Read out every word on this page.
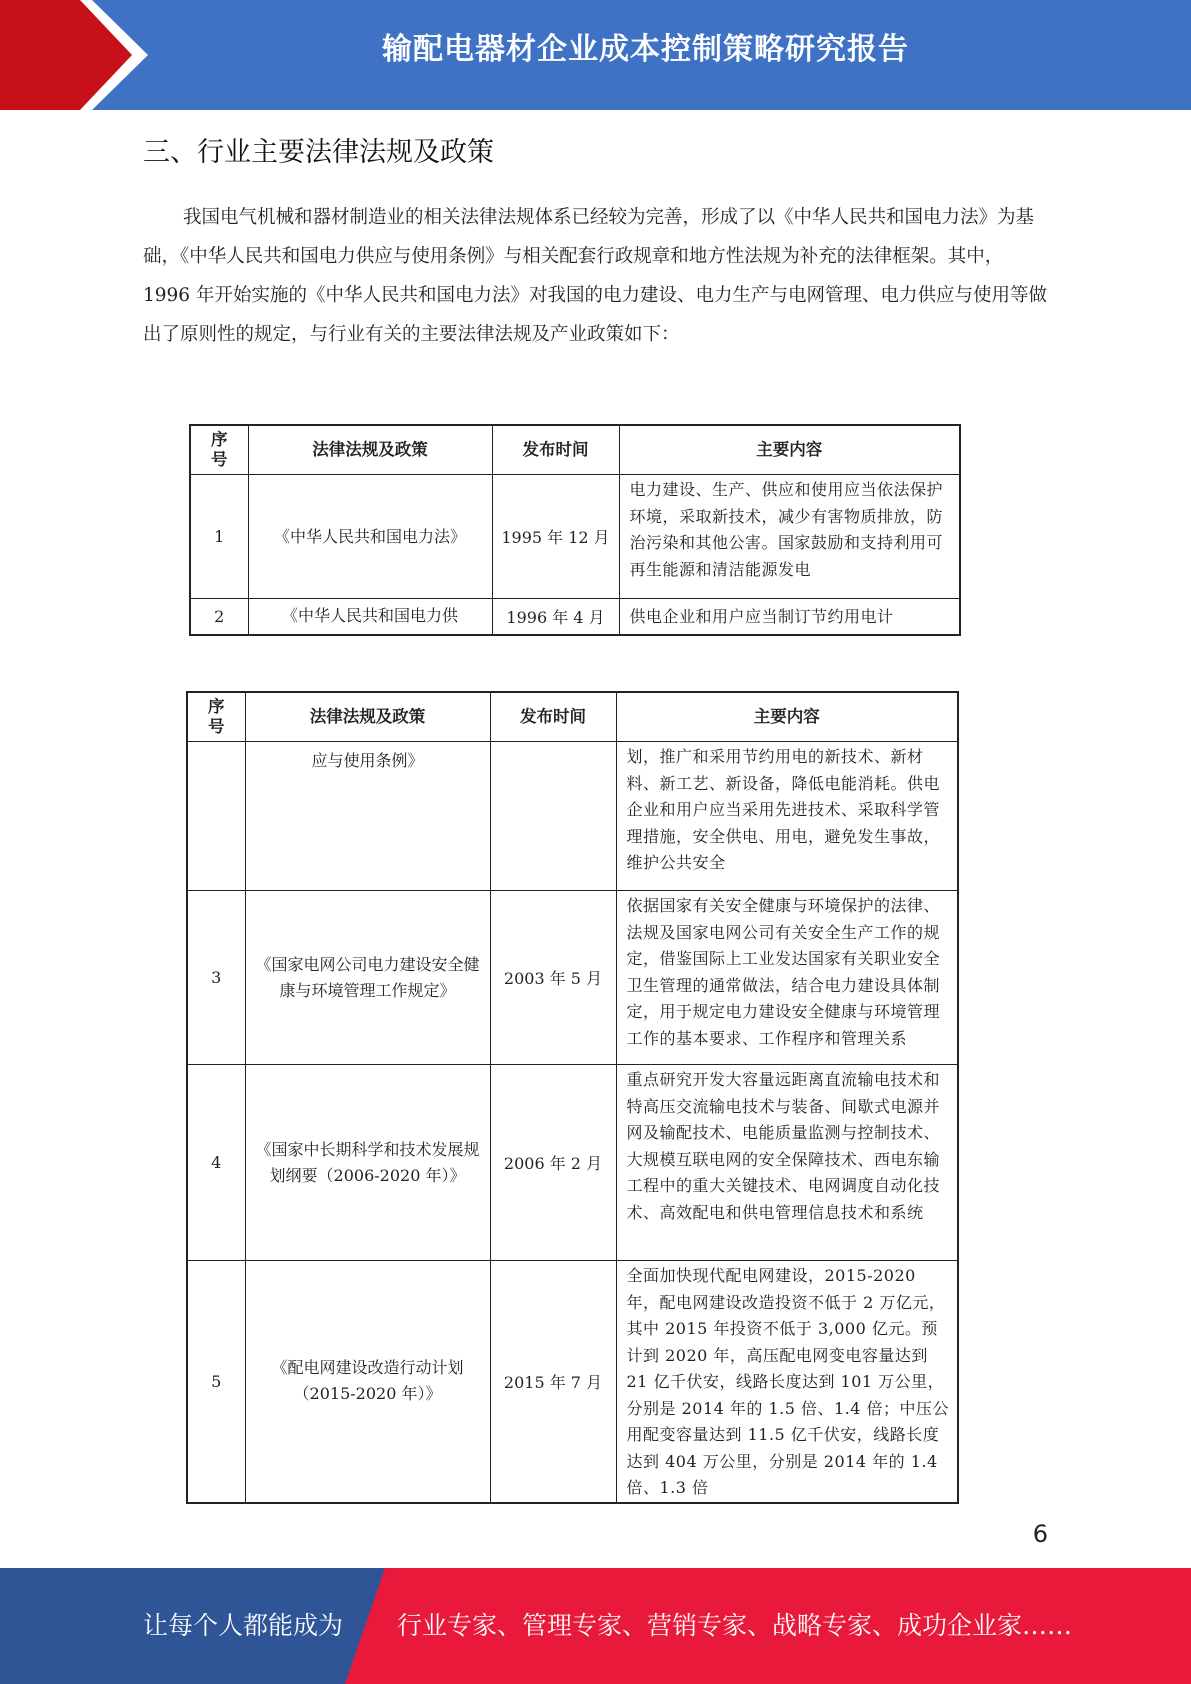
输配电器材企业成本控制策略研究报告
三、行业主要法律法规及政策

我国电气机械和器材制造业的相关法律法规体系已经较为完善，形成了以《中华人民共和国电力法》为基础，《中华人民共和国电力供应与使用条例》与相关配套行政规章和地方性法规为补充的法律框架。其中，1996 年开始实施的《中华人民共和国电力法》对我国的电力建设、电力生产与电网管理、电力供应与使用等做出了原则性的规定，与行业有关的主要法律法规及产业政策如下：

序号	法律法规及政策	发布时间	主要内容
1	《中华人民共和国电力法》	1995 年 12 月	电力建设、生产、供应和使用应当依法保护环境，采取新技术，减少有害物质排放，防治污染和其他公害。国家鼓励和支持利用可再生能源和清洁能源发电
2	《中华人民共和国电力供	1996 年 4 月	供电企业和用户应当制订节约用电计
序号	法律法规及政策	发布时间	主要内容
	应与使用条例》		划，推广和采用节约用电的新技术、新材料、新工艺、新设备，降低电能消耗。供电企业和用户应当采用先进技术、采取科学管理措施，安全供电、用电，避免发生事故，维护公共安全
3	《国家电网公司电力建设安全健康与环境管理工作规定》	2003 年 5 月	依据国家有关安全健康与环境保护的法律、法规及国家电网公司有关安全生产工作的规定，借鉴国际上工业发达国家有关职业安全卫生管理的通常做法，结合电力建设具体制定，用于规定电力建设安全健康与环境管理工作的基本要求、工作程序和管理关系
4	《国家中长期科学和技术发展规划纲要（2006-2020 年）》	2006 年 2 月	重点研究开发大容量远距离直流输电技术和特高压交流输电技术与装备、间歇式电源并网及输配技术、电能质量监测与控制技术、大规模互联电网的安全保障技术、西电东输工程中的重大关键技术、电网调度自动化技术、高效配电和供电管理信息技术和系统
5	《配电网建设改造行动计划（2015-2020 年）》	2015 年 7 月	全面加快现代配电网建设，2015-2020 年，配电网建设改造投资不低于 2 万亿元，其中 2015 年投资不低于 3,000 亿元。预计到 2020 年，高压配电网变电容量达到 21 亿千伏安，线路长度达到 101 万公里，分别是 2014 年的 1.5 倍、1.4 倍；中压公用配变容量达到 11.5 亿千伏安，线路长度达到 404 万公里，分别是 2014 年的 1.4 倍、1.3 倍
6
让每个人都能成为 行业专家、管理专家、营销专家、战略专家、成功企业家……
